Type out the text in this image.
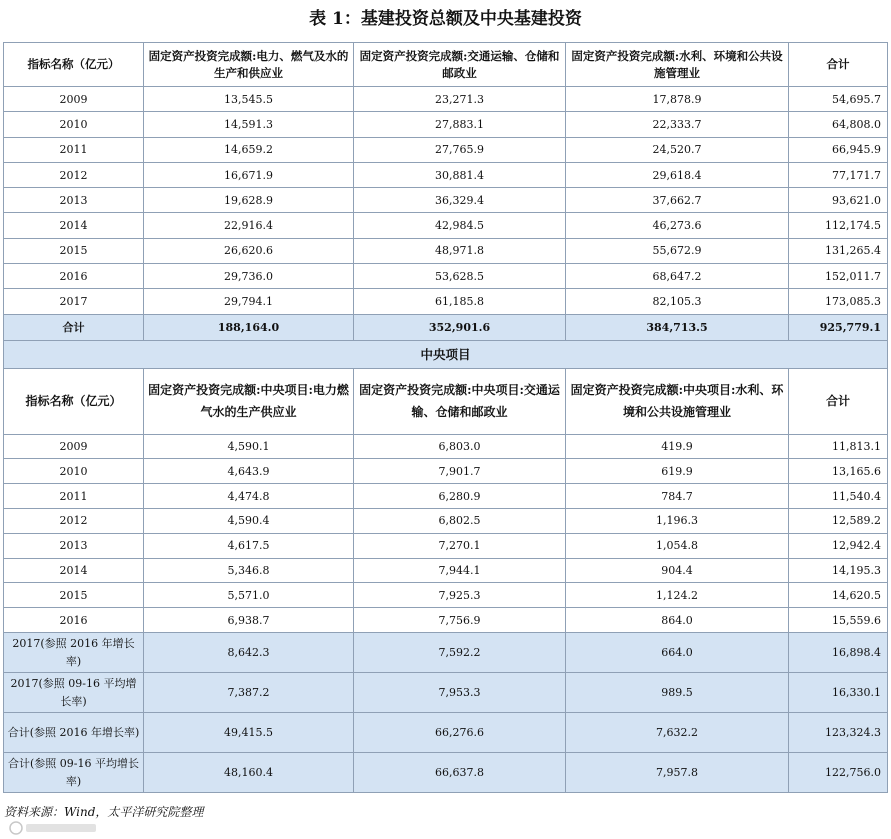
表 1：基建投资总额及中央基建投资
指标名称（亿元）	固定资产投资完成额:电力、燃气及水的生产和供应业	固定资产投资完成额:交通运输、仓储和邮政业	固定资产投资完成额:水利、环境和公共设施管理业	合计
2009	13,545.5	23,271.3	17,878.9	54,695.7
2010	14,591.3	27,883.1	22,333.7	64,808.0
2011	14,659.2	27,765.9	24,520.7	66,945.9
2012	16,671.9	30,881.4	29,618.4	77,171.7
2013	19,628.9	36,329.4	37,662.7	93,621.0
2014	22,916.4	42,984.5	46,273.6	112,174.5
2015	26,620.6	48,971.8	55,672.9	131,265.4
2016	29,736.0	53,628.5	68,647.2	152,011.7
2017	29,794.1	61,185.8	82,105.3	173,085.3
合计	188,164.0	352,901.6	384,713.5	925,779.1
中央项目				
指标名称（亿元）	固定资产投资完成额:中央项目:电力燃气水的生产供应业	固定资产投资完成额:中央项目:交通运输、仓储和邮政业	固定资产投资完成额:中央项目:水利、环境和公共设施管理业	合计
2009	4,590.1	6,803.0	419.9	11,813.1
2010	4,643.9	7,901.7	619.9	13,165.6
2011	4,474.8	6,280.9	784.7	11,540.4
2012	4,590.4	6,802.5	1,196.3	12,589.2
2013	4,617.5	7,270.1	1,054.8	12,942.4
2014	5,346.8	7,944.1	904.4	14,195.3
2015	5,571.0	7,925.3	1,124.2	14,620.5
2016	6,938.7	7,756.9	864.0	15,559.6
2017(参照 2016 年增长率)	8,642.3	7,592.2	664.0	16,898.4
2017(参照 09-16 平均增长率)	7,387.2	7,953.3	989.5	16,330.1
合计(参照 2016 年增长率)	49,415.5	66,276.6	7,632.2	123,324.3
合计(参照 09-16 平均增长率)	48,160.4	66,637.8	7,957.8	122,756.0
资料来源：Wind，太平洋研究院整理
